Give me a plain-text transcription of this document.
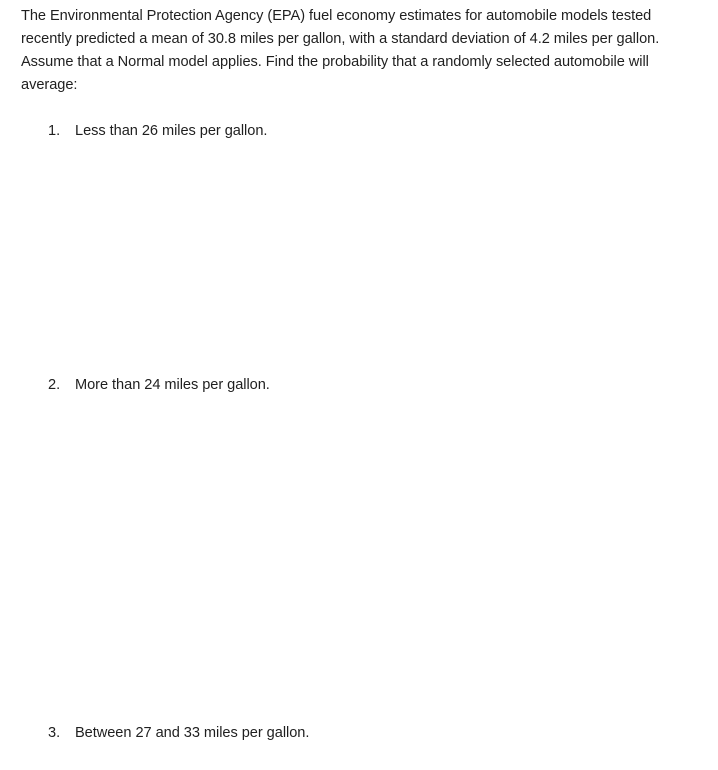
The Environmental Protection Agency (EPA) fuel economy estimates for automobile models tested recently predicted a mean of 30.8 miles per gallon, with a standard deviation of 4.2 miles per gallon. Assume that a Normal model applies. Find the probability that a randomly selected automobile will average:

1.	Less than 26 miles per gallon.
2.	More than 24 miles per gallon.
3.	Between 27 and 33 miles per gallon.
